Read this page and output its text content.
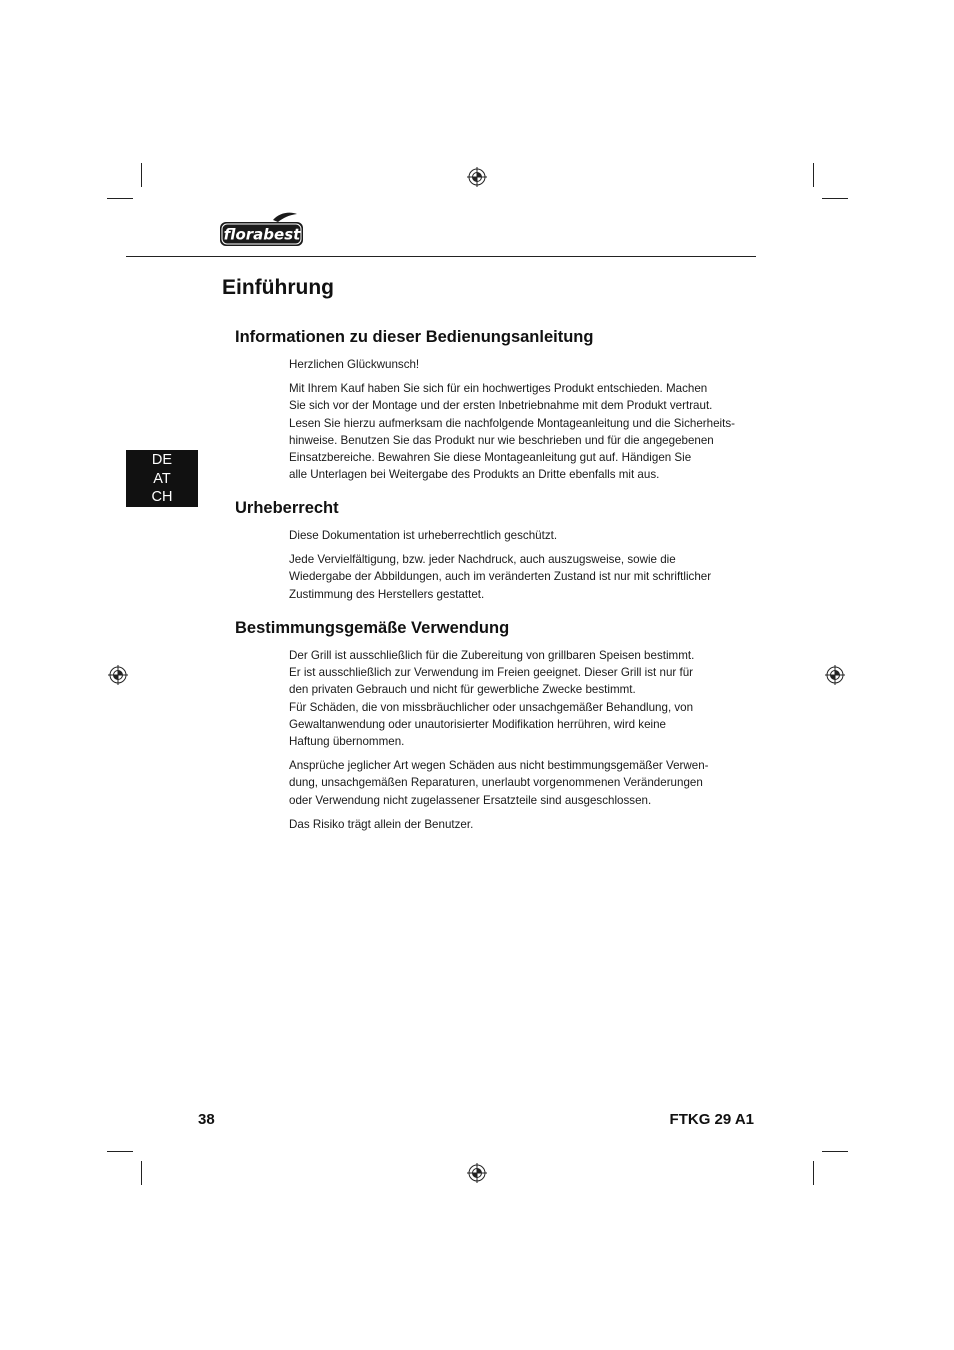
florabest
Einführung
DE
AT
CH
Informationen zu dieser Bedienungsanleitung

Herzlichen Glückwunsch!

Mit Ihrem Kauf haben Sie sich für ein hochwertiges Produkt entschieden. Machen
Sie sich vor der Montage und der ersten Inbetriebnahme mit dem Produkt vertraut.
Lesen Sie hierzu aufmerksam die nachfolgende Montageanleitung und die Sicherheits-
hinweise. Benutzen Sie das Produkt nur wie beschrieben und für die angegebenen
Einsatzbereiche. Bewahren Sie diese Montageanleitung gut auf. Händigen Sie
alle Unterlagen bei Weitergabe des Produkts an Dritte ebenfalls mit aus.

Urheberrecht

Diese Dokumentation ist urheberrechtlich geschützt.

Jede Vervielfältigung, bzw. jeder Nachdruck, auch auszugsweise, sowie die
Wiedergabe der Abbildungen, auch im veränderten Zustand ist nur mit schriftlicher
Zustimmung des Herstellers gestattet.

Bestimmungsgemäße Verwendung

Der Grill ist ausschließlich für die Zubereitung von grillbaren Speisen bestimmt.
Er ist ausschließlich zur Verwendung im Freien geeignet. Dieser Grill ist nur für
den privaten Gebrauch und nicht für gewerbliche Zwecke bestimmt.
Für Schäden, die von missbräuchlicher oder unsachgemäßer Behandlung, von
Gewaltanwendung oder unautorisierter Modifikation herrühren, wird keine
Haftung übernommen.

Ansprüche jeglicher Art wegen Schäden aus nicht bestimmungsgemäßer Verwen-
dung, unsachgemäßen Reparaturen, unerlaubt vorgenommenen Veränderungen
oder Verwendung nicht zugelassener Ersatzteile sind ausgeschlossen.

Das Risiko trägt allein der Benutzer.

38	FTKG 29 A1
